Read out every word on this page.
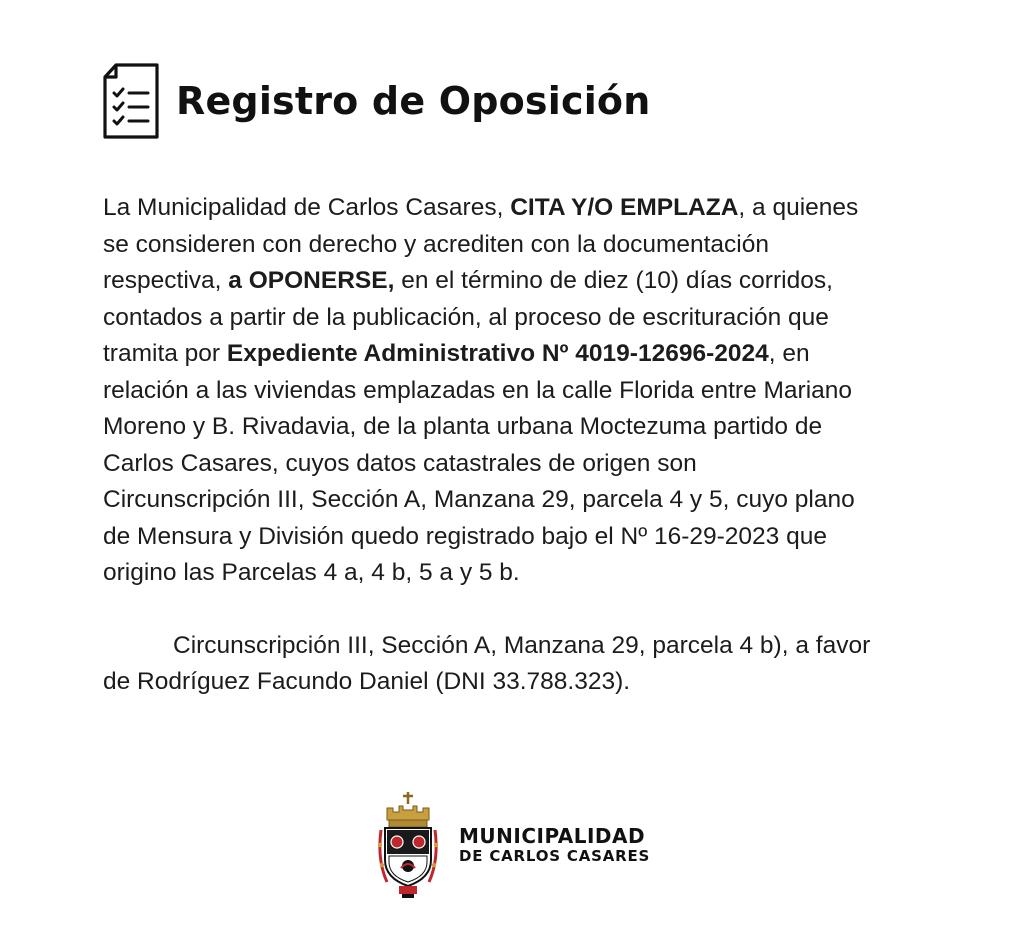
Registro de Oposición

La Municipalidad de Carlos Casares, CITA Y/O EMPLAZA, a quienes
se consideren con derecho y acrediten con la documentación
respectiva, a OPONERSE, en el término de diez (10) días corridos,
contados a partir de la publicación, al proceso de escrituración que
tramita por Expediente Administrativo Nº 4019-12696-2024, en
relación a las viviendas emplazadas en la calle Florida entre Mariano
Moreno y B. Rivadavia, de la planta urbana Moctezuma partido de
Carlos Casares, cuyos datos catastrales de origen son
Circunscripción III, Sección A, Manzana 29, parcela 4 y 5, cuyo plano
de Mensura y División quedo registrado bajo el Nº 16-29-2023 que
origino las Parcelas 4 a, 4 b, 5 a y 5 b.

Circunscripción III, Sección A, Manzana 29, parcela 4 b), a favor
de Rodríguez Facundo Daniel (DNI 33.788.323).

MUNICIPALIDAD
DE CARLOS CASARES
